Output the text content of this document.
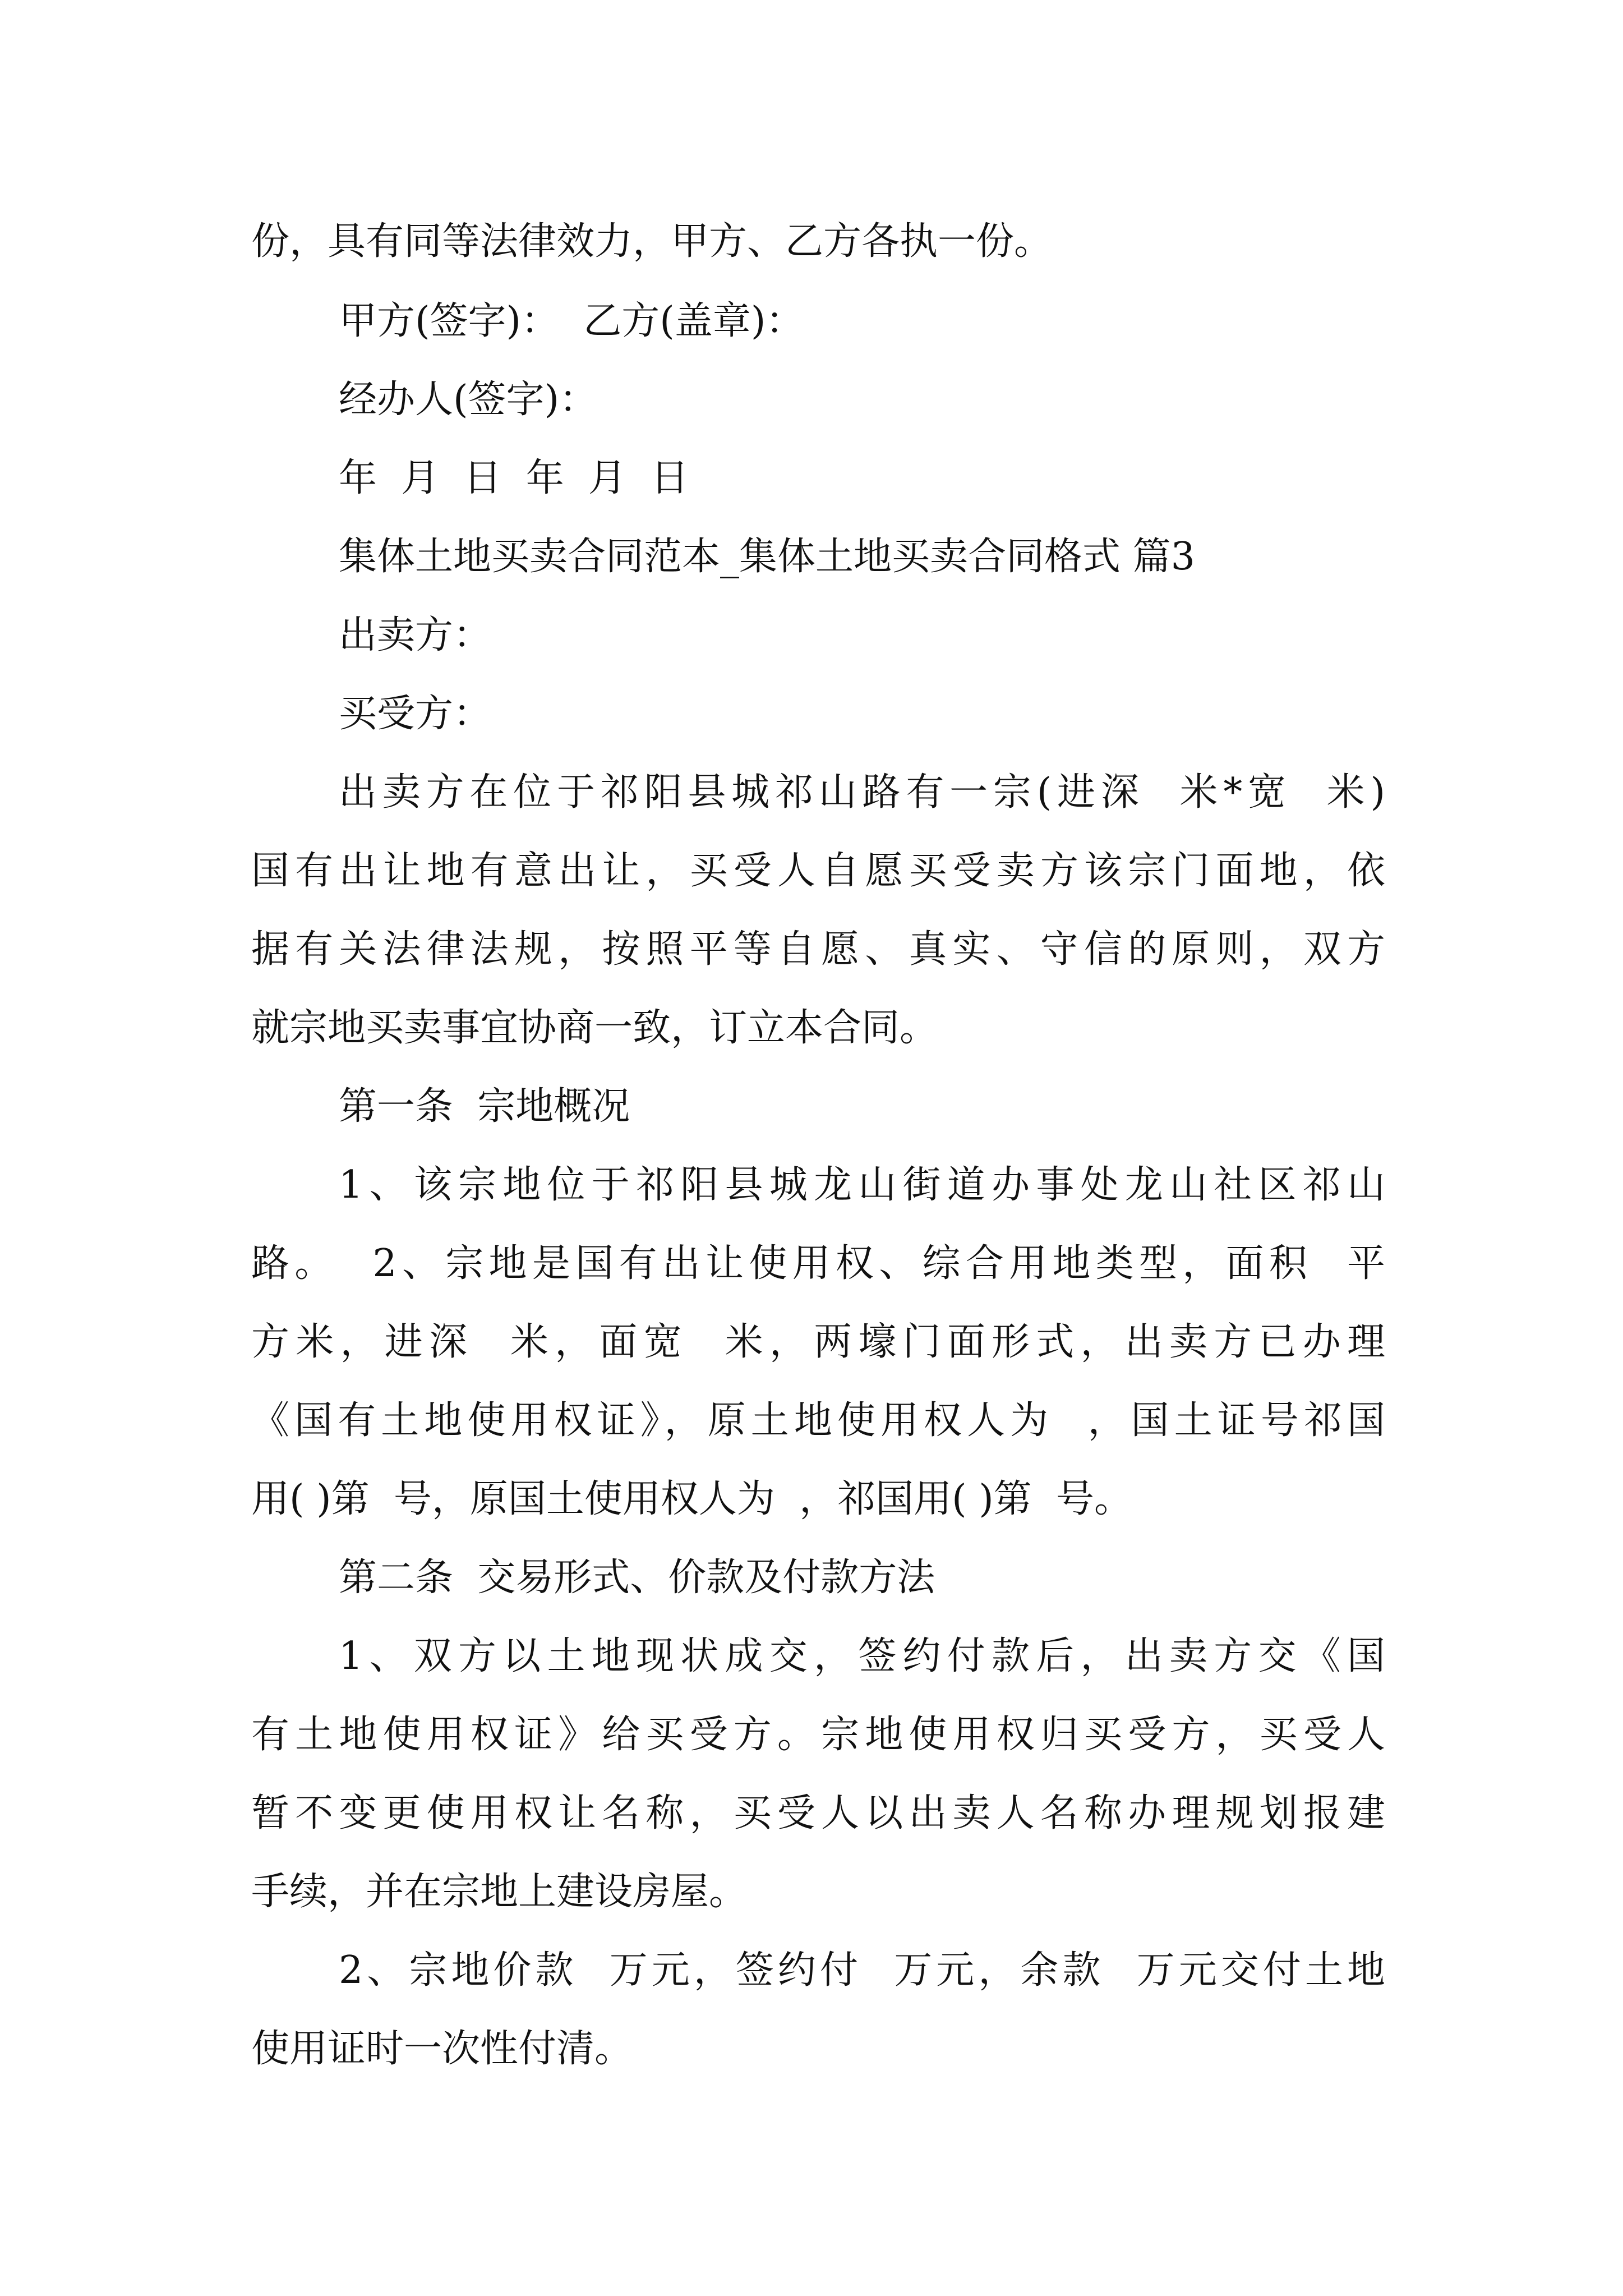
份，具有同等法律效力，甲方、乙方各执一份。
甲方(签字)：  乙方(盖章)：
经办人(签字)：
年  月  日  年  月  日
集体土地买卖合同范本_集体土地买卖合同格式 篇3
出卖方：
买受方：
出卖方在位于祁阳县城祁山路有一宗(进深  米*宽  米)
国有出让地有意出让，买受人自愿买受卖方该宗门面地，依
据有关法律法规，按照平等自愿、真实、守信的原则，双方
就宗地买卖事宜协商一致，订立本合同。
第一条  宗地概况
1、该宗地位于祁阳县城龙山街道办事处龙山社区祁山
路。  2、宗地是国有出让使用权、综合用地类型，面积  平
方米，进深  米，面宽  米，两壕门面形式，出卖方已办理
《国有土地使用权证》，原土地使用权人为  ，国土证号祁国
用( )第  号，原国土使用权人为  ，祁国用( )第  号。
第二条  交易形式、价款及付款方法
1、双方以土地现状成交，签约付款后，出卖方交《国
有土地使用权证》给买受方。宗地使用权归买受方，买受人
暂不变更使用权让名称，买受人以出卖人名称办理规划报建
手续，并在宗地上建设房屋。
2、宗地价款  万元，签约付  万元，余款  万元交付土地
使用证时一次性付清。
